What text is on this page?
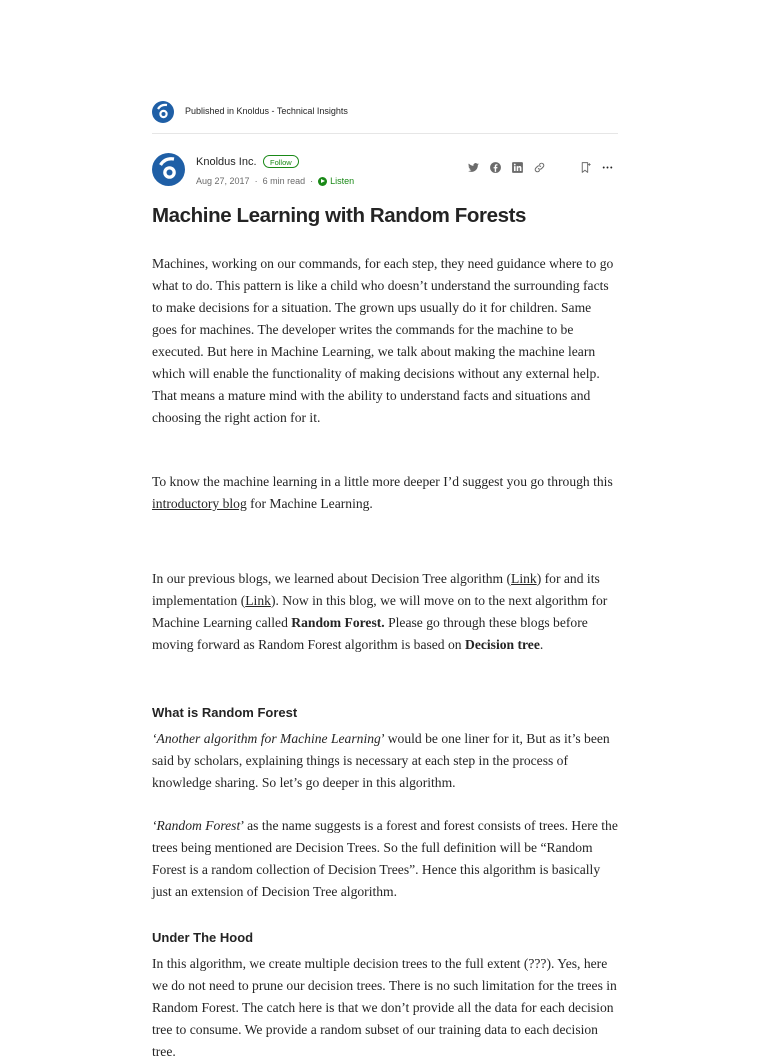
Published in Knoldus - Technical Insights
Knoldus Inc.	Follow
Aug 27, 2017 · 6 min read · Listen
Machine Learning with Random Forests

Machines, working on our commands, for each step, they need guidance where to go what to do. This pattern is like a child who doesn’t understand the surrounding facts to make decisions for a situation. The grown ups usually do it for children. Same goes for machines. The developer writes the commands for the machine to be executed. But here in Machine Learning, we talk about making the machine learn which will enable the functionality of making decisions without any external help. That means a mature mind with the ability to understand facts and situations and choosing the right action for it.

To know the machine learning in a little more deeper I’d suggest you go through this introductory blog for Machine Learning.

In our previous blogs, we learned about Decision Tree algorithm (Link) for and its implementation (Link). Now in this blog, we will move on to the next algorithm for Machine Learning called Random Forest. Please go through these blogs before moving forward as Random Forest algorithm is based on Decision tree.

What is Random Forest

‘Another algorithm for Machine Learning’ would be one liner for it, But as it’s been said by scholars, explaining things is necessary at each step in the process of knowledge sharing. So let’s go deeper in this algorithm.

‘Random Forest’ as the name suggests is a forest and forest consists of trees. Here the trees being mentioned are Decision Trees. So the full definition will be “Random Forest is a random collection of Decision Trees”. Hence this algorithm is basically just an extension of Decision Tree algorithm.

Under The Hood

In this algorithm, we create multiple decision trees to the full extent (???). Yes, here we do not need to prune our decision trees. There is no such limitation for the trees in Random Forest. The catch here is that we don’t provide all the data for each decision tree to consume. We provide a random subset of our training data to each decision tree.
